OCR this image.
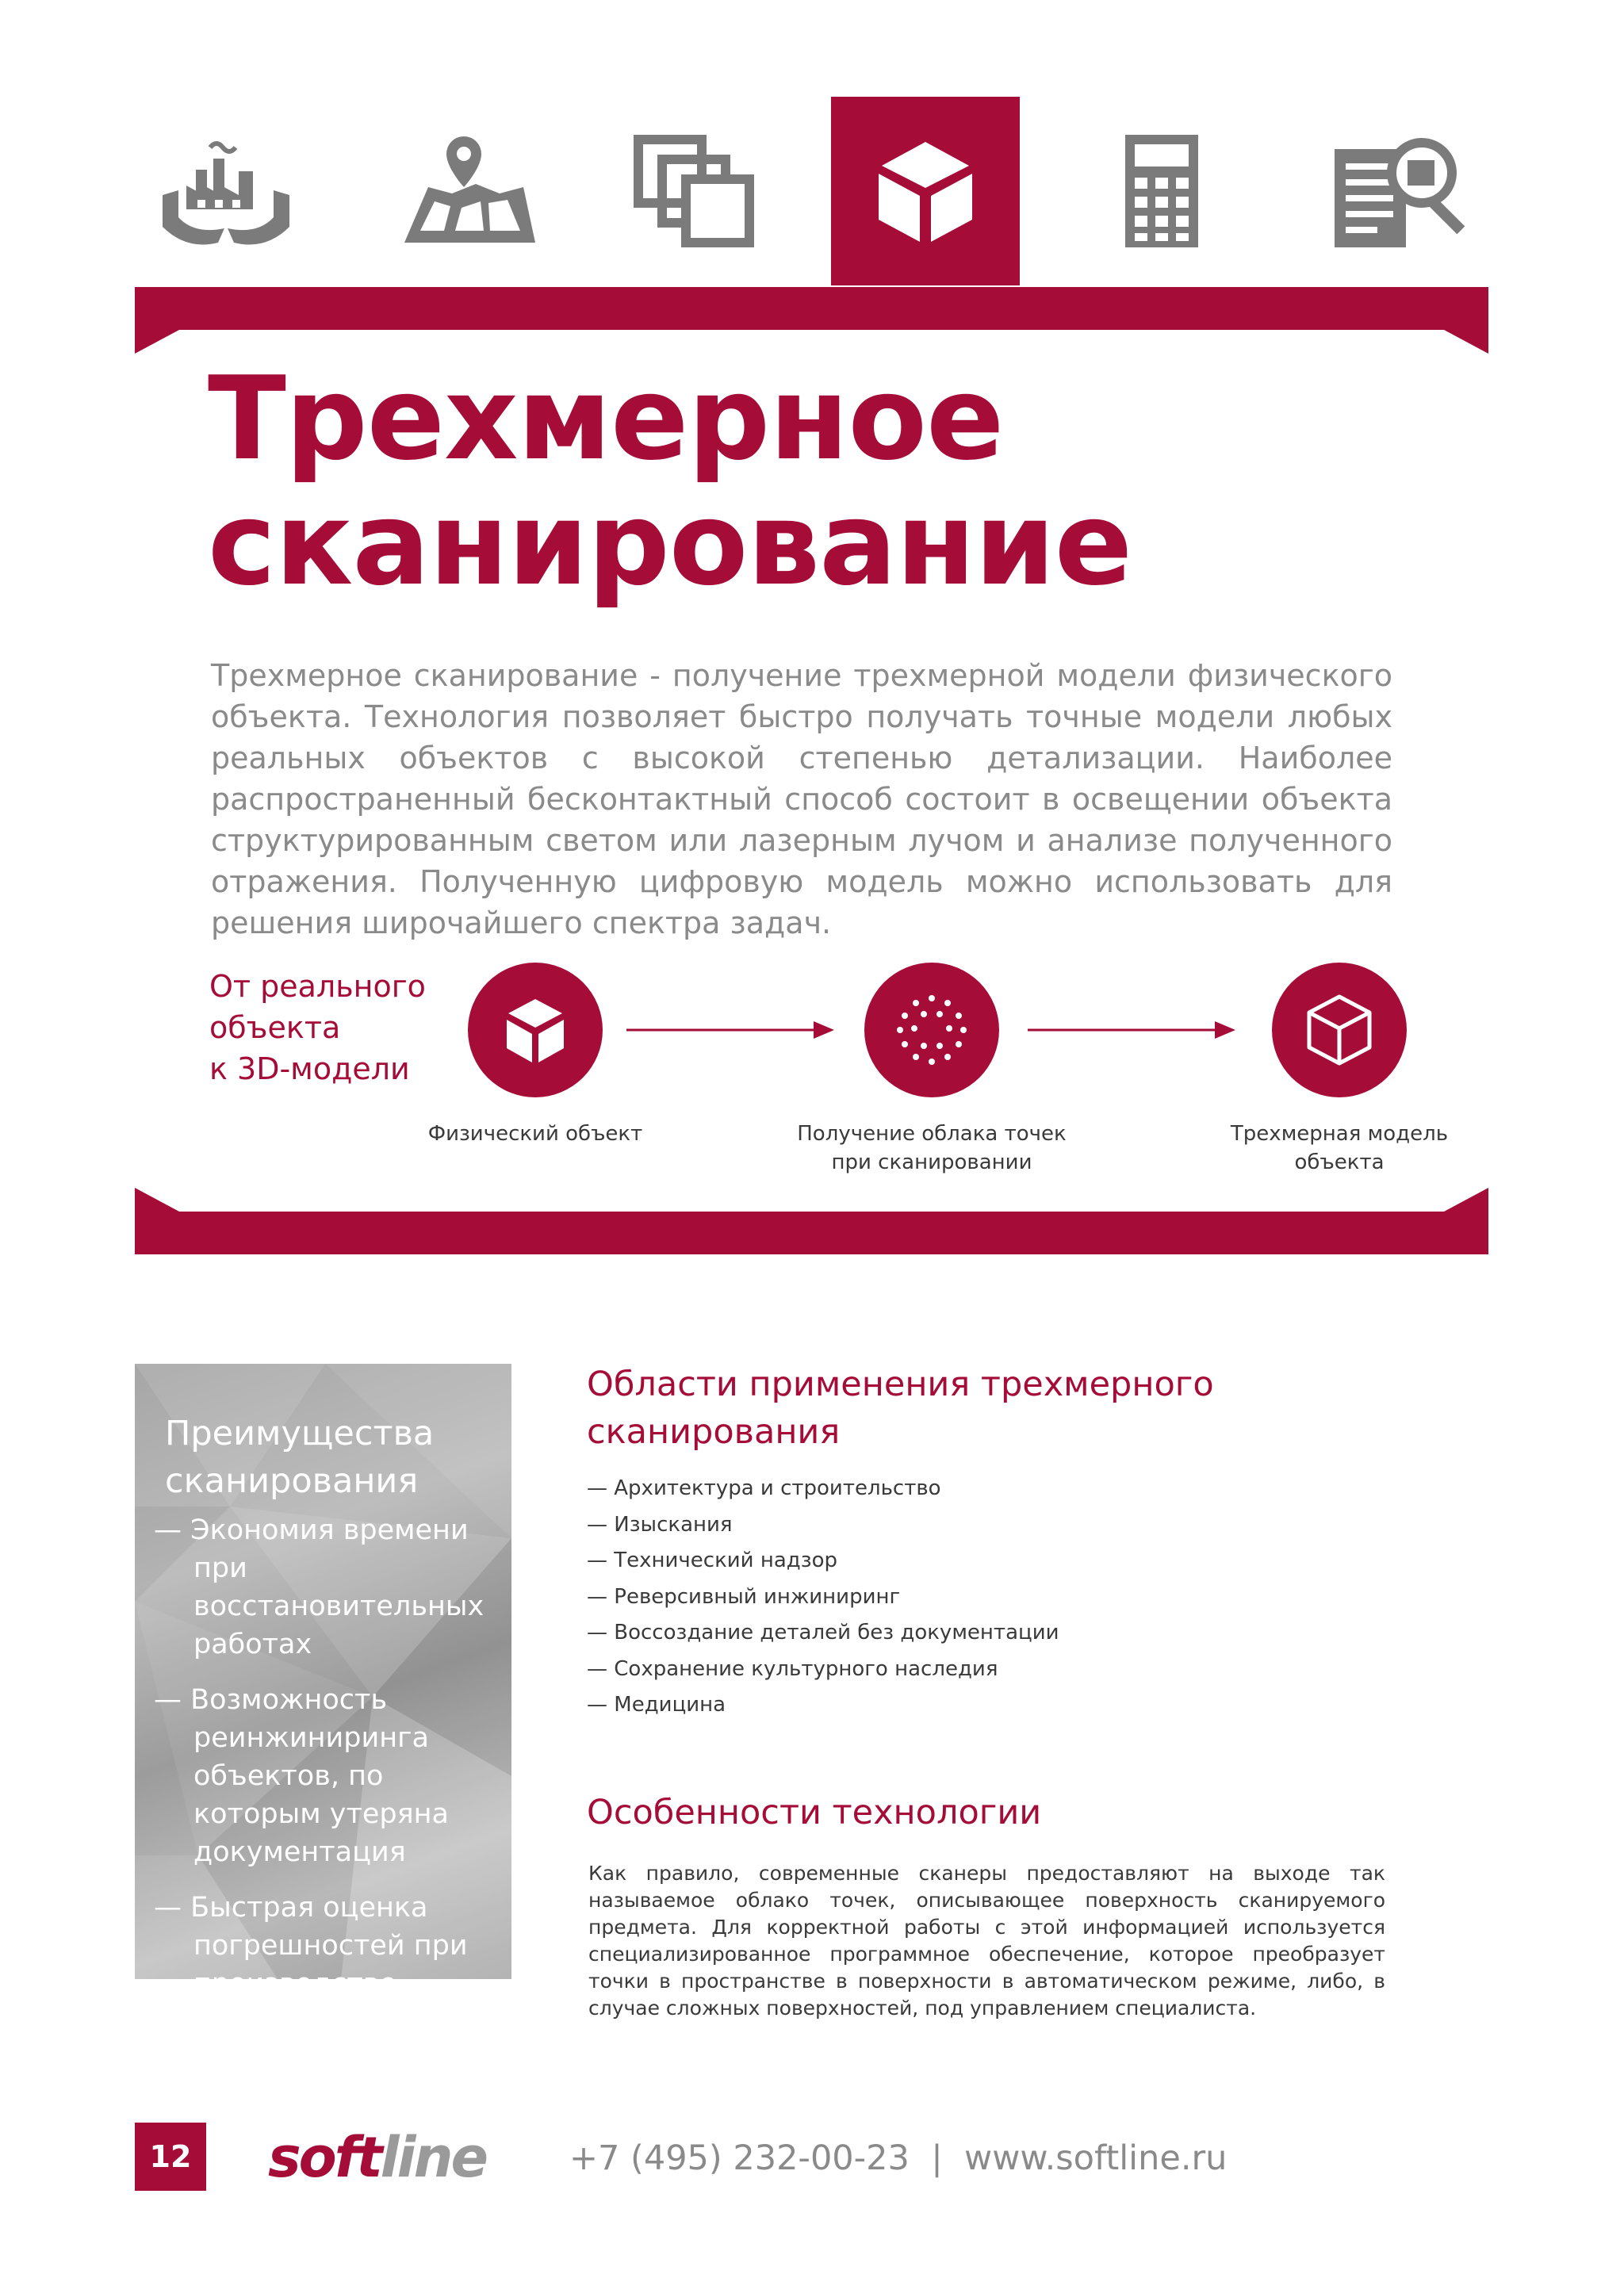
Трехмерное
сканирование
Трехмерное сканирование - получение трехмерной модели физического объекта. Технология позволяет быстро получать точные модели любых реальных объектов с высокой степенью детализации. Наиболее распространенный бесконтактный способ состоит в освещении объекта структурированным светом или лазерным лучом и анализе полученного отражения. Полученную цифровую модель можно использовать для решения широчайшего спектра задач.
От реального
объекта
к 3D-модели
Физический объект	Получение облака точек
при сканировании
Трехмерная модель
объекта
Преимущества
сканирования
— Экономия времени при восстановительных работах
— Возможность реинжиниринга объектов, по которым утеряна документация
— Быстрая оценка погрешностей при производстве
Области применения трехмерного
сканирования
— Архитектура и строительство
— Изыскания
— Технический надзор
— Реверсивный инжиниринг
— Воссоздание деталей без документации
— Сохранение культурного наследия
— Медицина
Особенности технологии
Как правило, современные сканеры предоставляют на выходе так называемое облако точек, описывающее поверхность сканируемого предмета. Для корректной работы с этой информацией используется специализированное программное обеспечение, которое преобразует точки в пространстве в поверхности в автоматическом режиме, либо, в случае сложных поверхностей, под управлением специалиста.
12 softline +7 (495) 232-00-23  |  www.softline.ru
